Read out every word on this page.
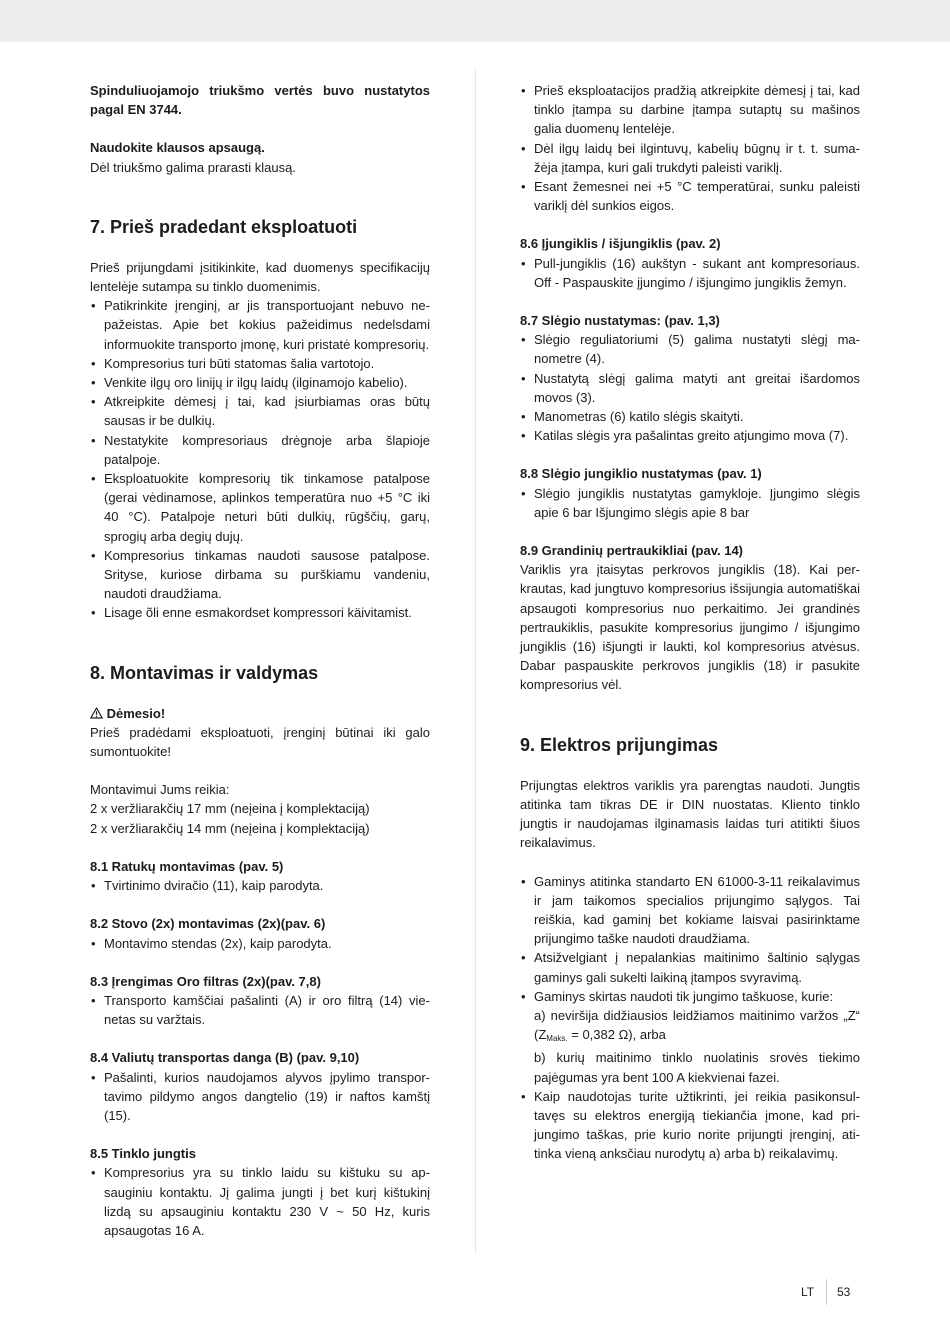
Spinduliuojamojo triukšmo vertės buvo nustatytos pagal EN 3744.

Naudokite klausos apsaugą.

Dėl triukšmo galima prarasti klausą.

7. Prieš pradedant eksploatuoti

Prieš prijungdami įsitikinkite, kad duomenys specifikacijų lentelėje sutampa su tinklo duomenimis.

• Patikrinkite įrenginį, ar jis transportuojant nebuvo nepažeistas. Apie bet kokius pažeidimus nedelsdami informuokite transporto įmonę, kuri pristatė kompresorių.
• Kompresorius turi būti statomas šalia vartotojo.
• Venkite ilgų oro linijų ir ilgų laidų (ilginamojo kabelio).
• Atkreipkite dėmesį į tai, kad įsiurbiamas oras būtų sausas ir be dulkių.
• Nestatykite kompresoriaus drėgnoje arba šlapioje patalpoje.
• Eksploatuokite kompresorių tik tinkamose patalpose (gerai vėdinamose, aplinkos temperatūra nuo +5 °C iki 40 °C). Patalpoje neturi būti dulkių, rūgščių, garų, sprogių arba degių dujų.
• Kompresorius tinkamas naudoti sausose patalpose. Srityse, kuriose dirbama su purškiamu vandeniu, naudoti draudžiama.
• Lisage õli enne esmakordset kompressori käivitamist.
8. Montavimas ir valdymas

Dėmesio!

Prieš pradėdami eksploatuoti, įrenginį būtinai iki galo sumontuokite!

Montavimui Jums reikia:

2 x veržliarakčių 17 mm (neįeina į komplektaciją)

2 x veržliarakčių 14 mm (neįeina į komplektaciją)

8.1 Ratukų montavimas (pav. 5)

• Tvirtinimo dviračio (11), kaip parodyta.

8.2 Stovo (2x) montavimas (2x)(pav. 6)

• Montavimo stendas (2x), kaip parodyta.

8.3 Įrengimas Oro filtras (2x)(pav. 7,8)

• Transporto kamščiai pašalinti (A) ir oro filtrą (14) vienetas su varžtais.

8.4 Valiutų transportas danga (B) (pav. 9,10)

• Pašalinti, kurios naudojamos alyvos įpylimo transportavimo pildymo angos dangtelio (19) ir naftos kamštį (15).

8.5 Tinklo jungtis

• Kompresorius yra su tinklo laidu su kištuku su apsauginiu kontaktu. Jį galima jungti į bet kurį kištukinį lizdą su apsauginiu kontaktu 230 V ~ 50 Hz, kuris apsaugotas 16 A.
• Prieš eksploatacijos pradžią atkreipkite dėmesį į tai, kad tinklo įtampa su darbine įtampa sutaptų su mašinos galia duomenų lentelėje.
• Dėl ilgų laidų bei ilgintuvų, kabelių būgnų ir t. t. sumažėja įtampa, kuri gali trukdyti paleisti variklį.
• Esant žemesnei nei +5 °C temperatūrai, sunku paleisti variklį dėl sunkios eigos.

8.6 Įjungiklis / išjungiklis (pav. 2)

• Pull-jungiklis (16) aukštyn - sukant ant kompresoriaus. Off - Paspauskite įjungimo / išjungimo jungiklis žemyn.

8.7 Slėgio nustatymas: (pav. 1,3)

• Slėgio reguliatoriumi (5) galima nustatyti slėgį manometre (4).
• Nustatytą slėgį galima matyti ant greitai išardomos movos (3).
• Manometras (6) katilo slėgis skaityti.
• Katilas slėgis yra pašalintas greito atjungimo mova (7).

8.8 Slėgio jungiklio nustatymas (pav. 1)

• Slėgio jungiklis nustatytas gamykloje. Įjungimo slėgis apie 6 bar Išjungimo slėgis apie 8 bar

8.9 Grandinių pertraukikliai (pav. 14)

Variklis yra įtaisytas perkrovos jungiklis (18). Kai perkrautas, kad jungtuvo kompresorius išsijungia automatiškai apsaugoti kompresorius nuo perkaitimo. Jei grandinės pertraukiklis, pasukite kompresorius įjungimo / išjungimo jungiklis (16) išjungti ir laukti, kol kompresorius atvėsus. Dabar paspauskite perkrovos jungiklis (18) ir pasukite kompresorius vėl.

9. Elektros prijungimas

Prijungtas elektros variklis yra parengtas naudoti. Jungtis atitinka tam tikras DE ir DIN nuostatas. Kliento tinklo jungtis ir naudojamas ilginamasis laidas turi atitikti šiuos reikalavimus.

• Gaminys atitinka standarto EN 61000-3-11 reikalavimus ir jam taikomos specialios prijungimo sąlygos. Tai reiškia, kad gaminį bet kokiame laisvai pasirinktame prijungimo taške naudoti draudžiama.
• Atsižvelgiant į nepalankias maitinimo šaltinio sąlygas gaminys gali sukelti laikiną įtampos svyravimą.
• Gaminys skirtas naudoti tik jungimo taškuose, kurie:
a) neviršija didžiausios leidžiamos maitinimo varžos „Z“ ($Z_{Maks.} = 0,382$ Ω), arba
b) kurių maitinimo tinklo nuolatinis srovės tiekimo pajėgumas yra bent 100 A kiekvienai fazei.
• Kaip naudotojas turite užtikrinti, jei reikia pasikonsultavęs su elektros energiją tiekiančia įmone, kad prijungimo taškas, prie kurio norite prijungti įrenginį, atitinka vieną anksčiau nurodytų a) arba b) reikalavimų.
LT 53
